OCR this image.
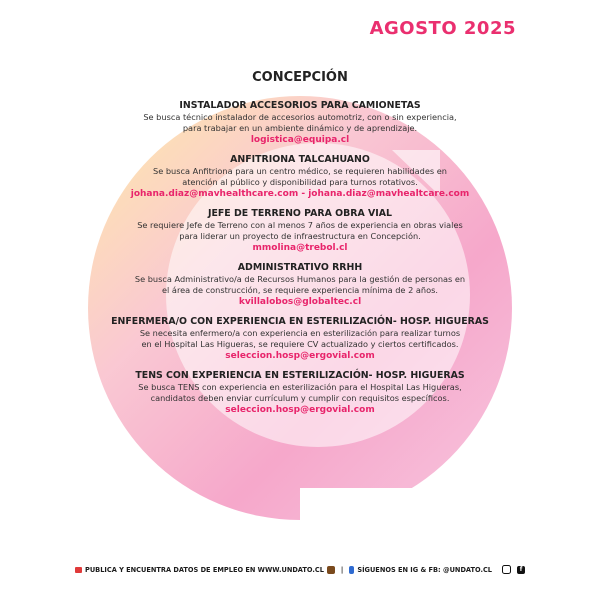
AGOSTO 2025
CONCEPCIÓN
INSTALADOR ACCESORIOS PARA CAMIONETAS
Se busca técnico instalador de accesorios automotriz, con o sin experiencia,
para trabajar en un ambiente dinámico y de aprendizaje.
logistica@equipa.cl
ANFITRIONA TALCAHUANO
Se busca Anfitriona para un centro médico, se requieren habilidades en
atención al público y disponibilidad para turnos rotativos.
johana.diaz@mavhealthcare.com - johana.diaz@mavhealtcare.com
JEFE DE TERRENO PARA OBRA VIAL
Se requiere Jefe de Terreno con al menos 7 años de experiencia en obras viales
para liderar un proyecto de infraestructura en Concepción.
mmolina@trebol.cl
ADMINISTRATIVO RRHH
Se busca Administrativo/a de Recursos Humanos para la gestión de personas en
el área de construcción, se requiere experiencia mínima de 2 años.
kvillalobos@globaltec.cl
ENFERMERA/O CON EXPERIENCIA EN ESTERILIZACIÓN- HOSP. HIGUERAS
Se necesita enfermero/a con experiencia en esterilización para realizar turnos
en el Hospital Las Higueras, se requiere CV actualizado y ciertos certificados.
seleccion.hosp@ergovial.com
TENS CON EXPERIENCIA EN ESTERILIZACIÓN- HOSP. HIGUERAS
Se busca TENS con experiencia en esterilización para el Hospital Las Higueras,
candidatos deben enviar currículum y cumplir con requisitos específicos.
seleccion.hosp@ergovial.com
PUBLICA Y ENCUENTRA DATOS DE EMPLEO EN WWW.UNDATO.CL	| SÍGUENOS EN IG & FB: @UNDATO.CL	f
